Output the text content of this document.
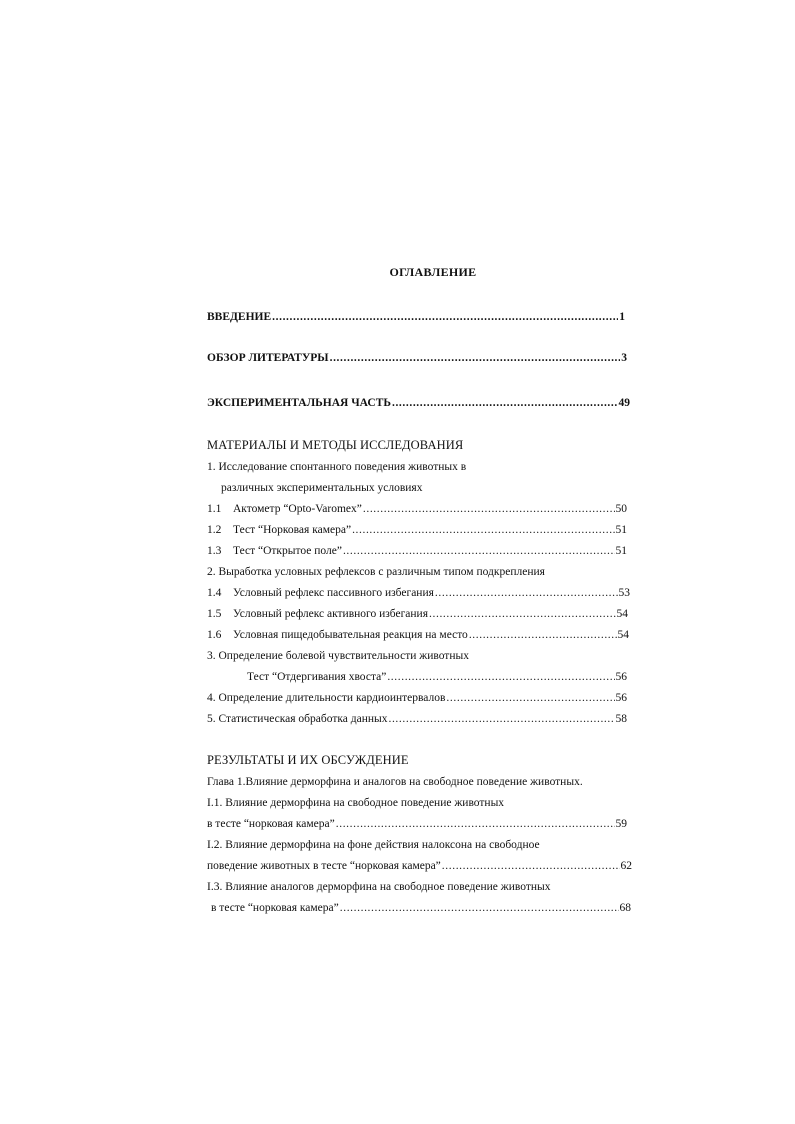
ОГЛАВЛЕНИЕ
ВВЕДЕНИЕ .....	1
ОБЗОР ЛИТЕРАТУРЫ .....	3
ЭКСПЕРИМЕНТАЛЬНАЯ ЧАСТЬ .....	49
МАТЕРИАЛЫ И МЕТОДЫ ИССЛЕДОВАНИЯ
1. Исследование спонтанного поведения животных в
различных экспериментальных условиях
1.1	Актометр “Opto-Varomex” .....	50
1.2	Тест “Норковая камера” .....	51
1.3	Тест “Открытое поле” .....	51
2. Выработка условных рефлексов с различным типом подкрепления
1.4	Условный рефлекс пассивного избегания .....	53
1.5	Условный рефлекс активного избегания .....	54
1.6	Условная пищедобывательная реакция на место .....	54
3. Определение болевой чувствительности животных
Тест “Отдергивания хвоста” .....	56
4. Определение длительности кардиоинтервалов .....	56
5. Статистическая обработка данных .....	58
РЕЗУЛЬТАТЫ И ИХ ОБСУЖДЕНИЕ
Глава 1.Влияние дерморфина и аналогов на свободное поведение животных.
I.1. Влияние дерморфина на свободное поведение животных
в тесте “норковая камера” .....	59
I.2. Влияние дерморфина на фоне действия налоксона на свободное
поведение животных в тесте “норковая камера” .....	62
I.3. Влияние аналогов дерморфина на свободное поведение животных
в тесте “норковая камера” .....	68
